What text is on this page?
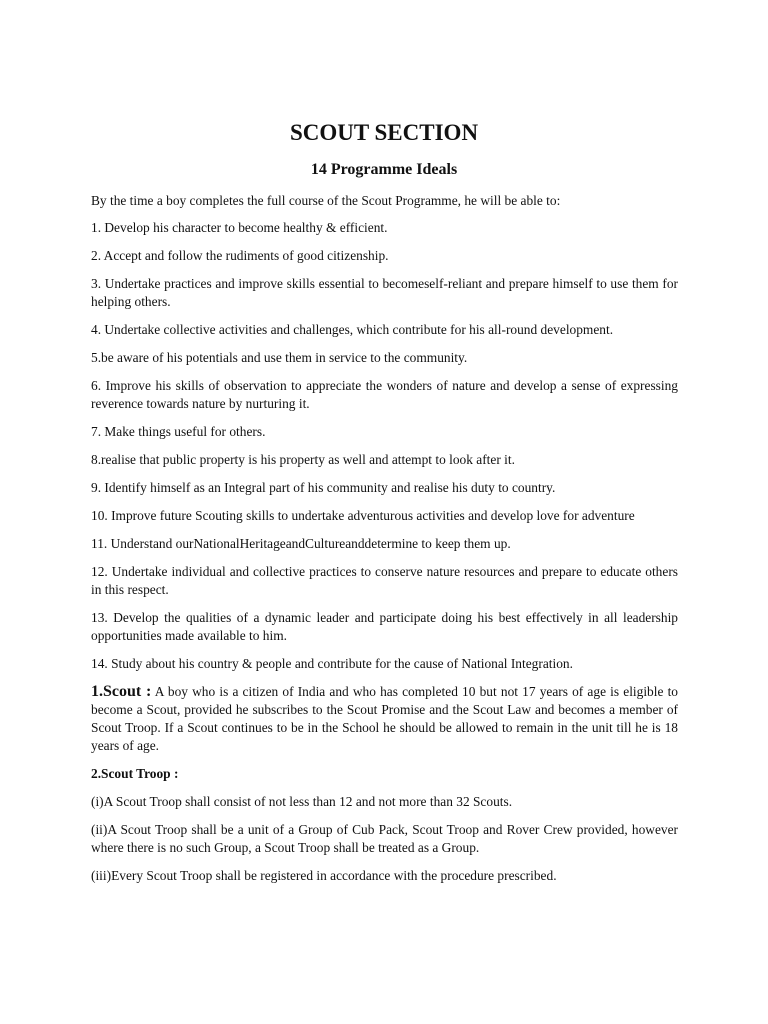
SCOUT SECTION
14 Programme Ideals

By the time a boy completes the full course of the Scout Programme, he will be able to:

1. Develop his character to become healthy & efficient.

2. Accept and follow the rudiments of good citizenship.

3. Undertake practices and improve skills essential to becomeself-reliant and prepare himself to use them for helping others.

4. Undertake collective activities and challenges, which contribute for his all-round development.

5.be aware of his potentials and use them in service to the community.

6. Improve his skills of observation to appreciate the wonders of nature and develop a sense of expressing reverence towards nature by nurturing it.

7. Make things useful for others.

8.realise that public property is his property as well and attempt to look after it.

9. Identify himself as an Integral part of his community and realise his duty to country.

10. Improve future Scouting skills to undertake adventurous activities and develop love for adventure

11. Understand ourNationalHeritageandCultureanddetermine to keep them up.

12. Undertake individual and collective practices to conserve nature resources and prepare to educate others in this respect.

13. Develop the qualities of a dynamic leader and participate doing his best effectively in all leadership opportunities made available to him.

14. Study about his country & people and contribute for the cause of National Integration.

1.Scout : A boy who is a citizen of India and who has completed 10 but not 17 years of age is eligible to become a Scout, provided he subscribes to the Scout Promise and the Scout Law and becomes a member of Scout Troop. If a Scout continues to be in the School he should be allowed to remain in the unit till he is 18 years of age.

2.Scout Troop :

(i)A Scout Troop shall consist of not less than 12 and not more than 32 Scouts.

(ii)A Scout Troop shall be a unit of a Group of Cub Pack, Scout Troop and Rover Crew provided, however where there is no such Group, a Scout Troop shall be treated as a Group.

(iii)Every Scout Troop shall be registered in accordance with the procedure prescribed.
